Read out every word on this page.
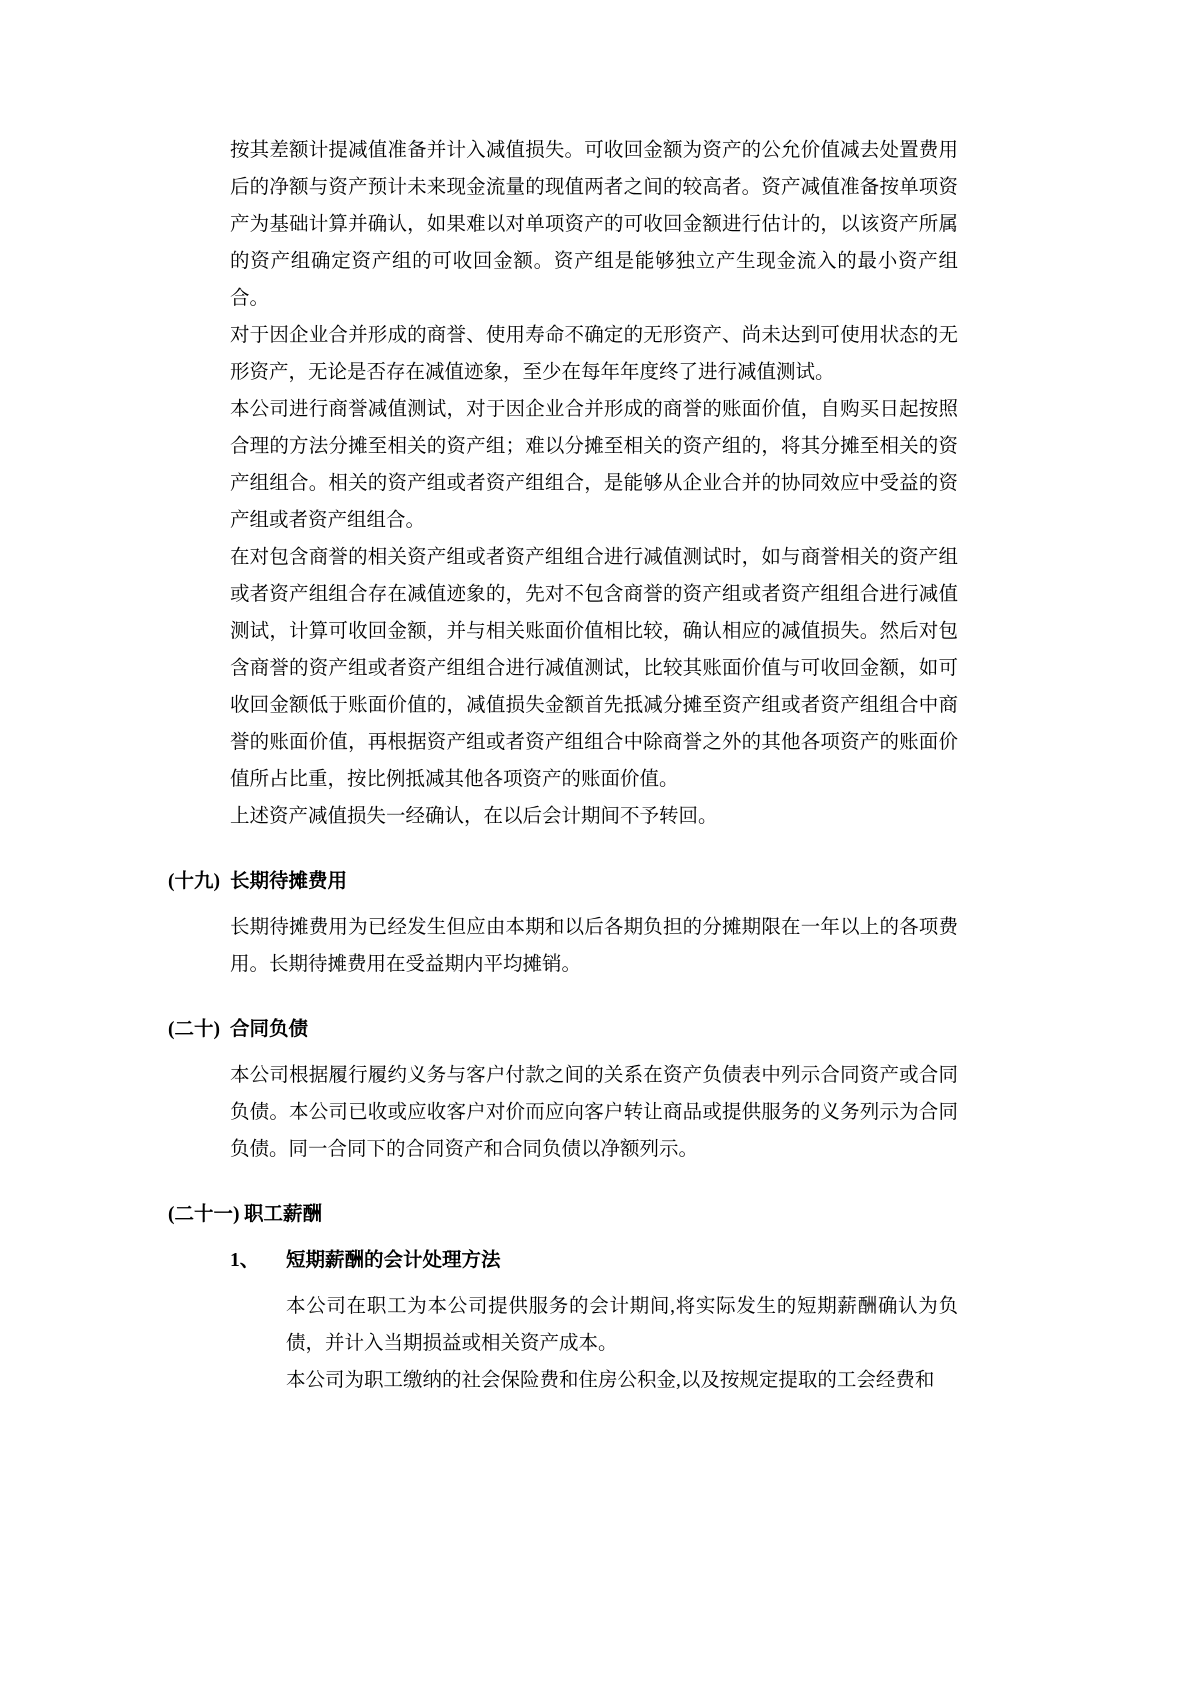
按其差额计提减值准备并计入减值损失。可收回金额为资产的公允价值减去处置费用后的净额与资产预计未来现金流量的现值两者之间的较高者。资产减值准备按单项资产为基础计算并确认，如果难以对单项资产的可收回金额进行估计的，以该资产所属的资产组确定资产组的可收回金额。资产组是能够独立产生现金流入的最小资产组合。

对于因企业合并形成的商誉、使用寿命不确定的无形资产、尚未达到可使用状态的无形资产，无论是否存在减值迹象，至少在每年年度终了进行减值测试。

本公司进行商誉减值测试，对于因企业合并形成的商誉的账面价值，自购买日起按照合理的方法分摊至相关的资产组；难以分摊至相关的资产组的，将其分摊至相关的资产组组合。相关的资产组或者资产组组合，是能够从企业合并的协同效应中受益的资产组或者资产组组合。

在对包含商誉的相关资产组或者资产组组合进行减值测试时，如与商誉相关的资产组或者资产组组合存在减值迹象的，先对不包含商誉的资产组或者资产组组合进行减值测试，计算可收回金额，并与相关账面价值相比较，确认相应的减值损失。然后对包含商誉的资产组或者资产组组合进行减值测试，比较其账面价值与可收回金额，如可收回金额低于账面价值的，减值损失金额首先抵减分摊至资产组或者资产组组合中商誉的账面价值，再根据资产组或者资产组组合中除商誉之外的其他各项资产的账面价值所占比重，按比例抵减其他各项资产的账面价值。

上述资产减值损失一经确认，在以后会计期间不予转回。

(十九) 长期待摊费用

长期待摊费用为已经发生但应由本期和以后各期负担的分摊期限在一年以上的各项费用。长期待摊费用在受益期内平均摊销。

(二十) 合同负债

本公司根据履行履约义务与客户付款之间的关系在资产负债表中列示合同资产或合同负债。本公司已收或应收客户对价而应向客户转让商品或提供服务的义务列示为合同负债。同一合同下的合同资产和合同负债以净额列示。

(二十一) 职工薪酬
1、	短期薪酬的会计处理方法

本公司在职工为本公司提供服务的会计期间,将实际发生的短期薪酬确认为负债，并计入当期损益或相关资产成本。

本公司为职工缴纳的社会保险费和住房公积金,以及按规定提取的工会经费和
